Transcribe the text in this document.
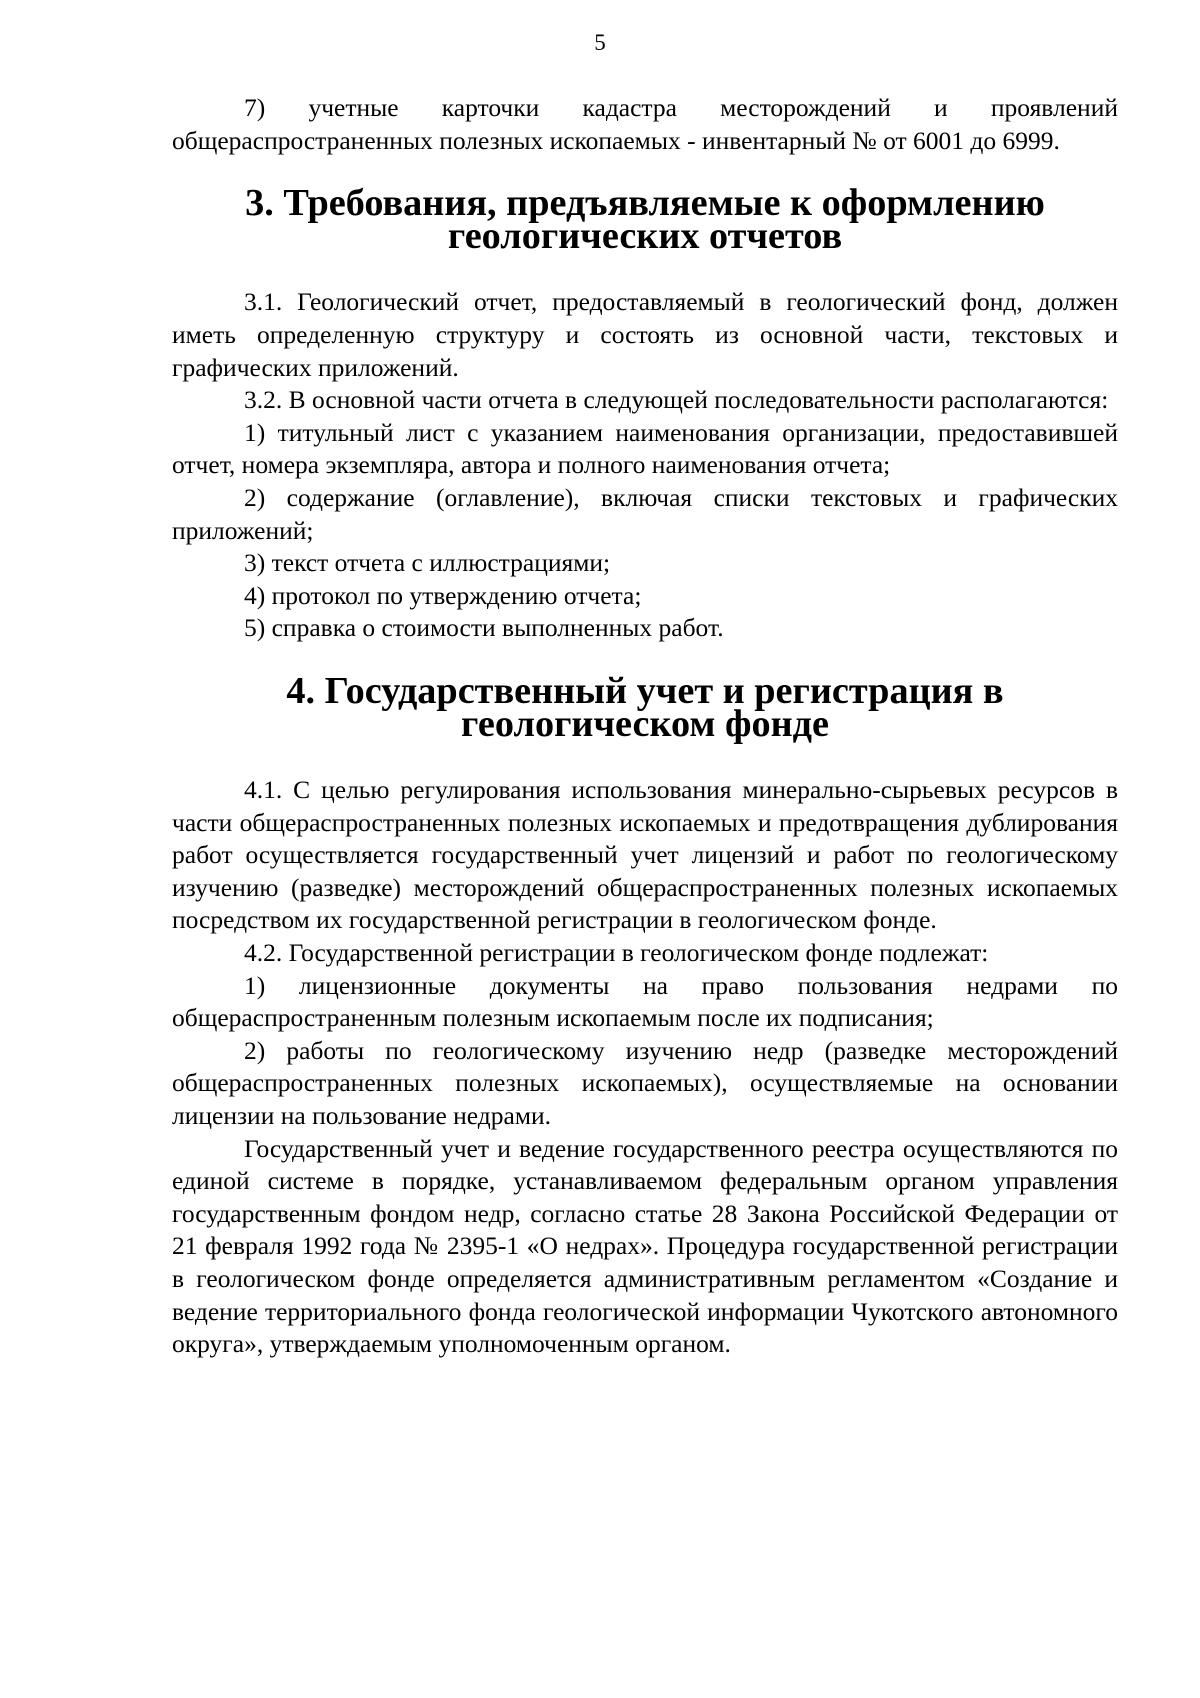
5

7) учетные карточки кадастра месторождений и проявлений общераспространенных полезных ископаемых - инвентарный № от 6001 до 6999.

3. Требования, предъявляемые к оформлению геологических отчетов

3.1. Геологический отчет, предоставляемый в геологический фонд, должен иметь определенную структуру и состоять из основной части, текстовых и графических приложений.

3.2. В основной части отчета в следующей последовательности располагаются:

1) титульный лист с указанием наименования организации, предоставившей отчет, номера экземпляра, автора и полного наименования отчета;

2) содержание (оглавление), включая списки текстовых и графических приложений;

3) текст отчета с иллюстрациями;

4) протокол по утверждению отчета;

5) справка о стоимости выполненных работ.

4. Государственный учет и регистрация в геологическом фонде

4.1. С целью регулирования использования минерально-сырьевых ресурсов в части общераспространенных полезных ископаемых и предотвращения дублирования работ осуществляется государственный учет лицензий и работ по геологическому изучению (разведке) месторождений общераспространенных полезных ископаемых посредством их государственной регистрации в геологическом фонде.

4.2. Государственной регистрации в геологическом фонде подлежат:

1) лицензионные документы на право пользования недрами по общераспространенным полезным ископаемым после их подписания;

2) работы по геологическому изучению недр (разведке месторождений общераспространенных полезных ископаемых), осуществляемые на основании лицензии на пользование недрами.

Государственный учет и ведение государственного реестра осуществляются по единой системе в порядке, устанавливаемом федеральным органом управления государственным фондом недр, согласно статье 28 Закона Российской Федерации от 21 февраля 1992 года № 2395-1 «О недрах». Процедура государственной регистрации в геологическом фонде определяется административным регламентом «Создание и ведение территориального фонда геологической информации Чукотского автономного округа», утверждаемым уполномоченным органом.
